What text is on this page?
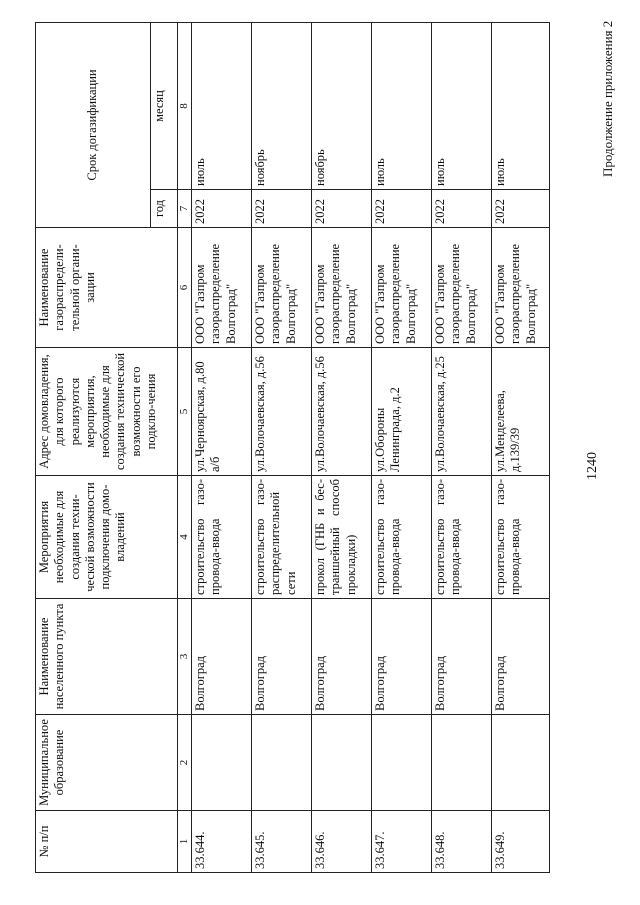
1240
Продолжение приложения 2
№ п/п	Муниципальное образование	Наименование населенного пункта	Мероприятия необходимые для создания техни-ческой возможности подключения домо-владений	Адрес домовладения, для которого реализуются мероприятия, необходимые для создания технической возможности его подклю-чения	Наименование газораспредели-тельной органи-зации	Срок догазификации	
						год	месяц
1	2	3	4	5	6	7	8
33.644.		Волгоград	строительство газо-провода-ввода	ул.Черноярская, д.80 а/б	ООО "Газпром газораспределение Волгоград"	2022	июль
33.645.		Волгоград	строительство газо-распределительной сети	ул.Волочаевская, д.56	ООО "Газпром газораспределение Волгоград"	2022	ноябрь
33.646.		Волгоград	прокол (ГНБ и бес-траншейный способ прокладки)	ул.Волочаевская, д.56	ООО "Газпром газораспределение Волгоград"	2022	ноябрь
33.647.		Волгоград	строительство газо-провода-ввода	ул.Обороны Ленинграда, д.2	ООО "Газпром газораспределение Волгоград"	2022	июль
33.648.		Волгоград	строительство газо-провода-ввода	ул.Волочаевская, д.25	ООО "Газпром газораспределение Волгоград"	2022	июль
33.649.		Волгоград	строительство газо-провода-ввода	ул.Менделеева, д.139/39	ООО "Газпром газораспределение Волгоград"	2022	июль
